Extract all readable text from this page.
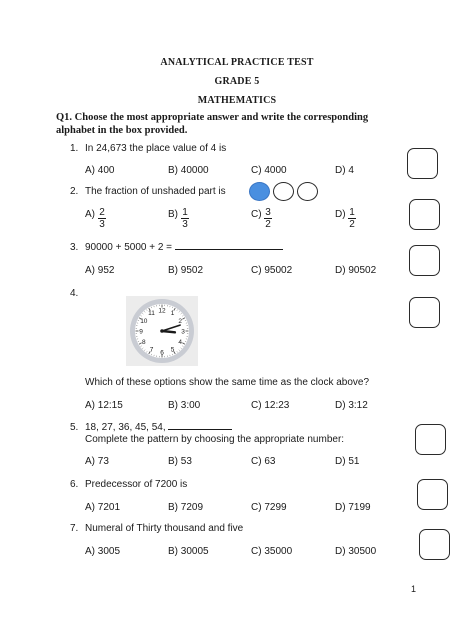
ANALYTICAL PRACTICE TEST
GRADE 5
MATHEMATICS
Q1. Choose the most appropriate answer and write the corresponding
alphabet in the box provided.
1. In 24,673 the place value of 4 is
A) 400	B) 40000	C) 4000	D) 4
2. The fraction of unshaded part is
A) 2
3
B) 1
3
C) 3
2
D) 1
2
3. 90000 + 5000 + 2 =
A) 952	B) 9502	C) 95002	D) 90502
4.
12 1
2
3
4
5
6
7
8
9
10
11
Which of these options show the same time as the clock above?
A) 12:15	B) 3:00	C) 12:23	D) 3:12
5. 18, 27, 36, 45, 54,
Complete the pattern by choosing the appropriate number:
A) 73	B) 53	C) 63	D) 51
6. Predecessor of 7200 is
A) 7201	B) 7209	C) 7299	D) 7199
7. Numeral of Thirty thousand and five
A) 3005	B) 30005	C) 35000	D) 30500
1
